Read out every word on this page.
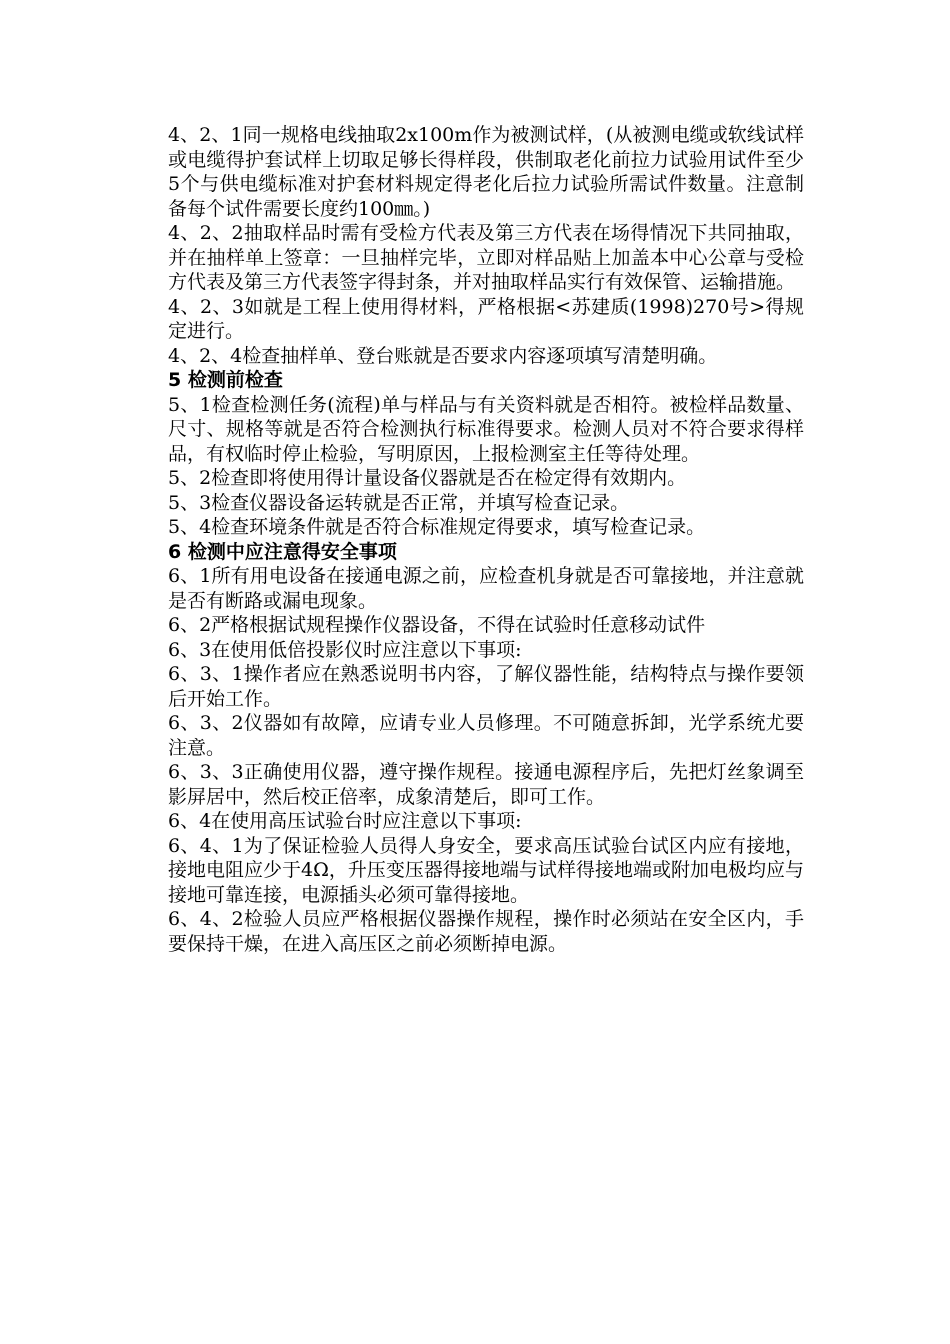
4、2、1同一规格电线抽取2x100m作为被测试样，(从被测电缆或软线试样或电缆得护套试样上切取足够长得样段，供制取老化前拉力试验用试件至少5个与供电缆标准对护套材料规定得老化后拉力试验所需试件数量。注意制备每个试件需要长度约100㎜。)

4、2、2抽取样品时需有受检方代表及第三方代表在场得情况下共同抽取，并在抽样单上签章：一旦抽样完毕，立即对样品贴上加盖本中心公章与受检方代表及第三方代表签字得封条，并对抽取样品实行有效保管、运输措施。

4、2、3如就是工程上使用得材料，严格根据<苏建质(1998)270号>得规定进行。

4、2、4检查抽样单、登台账就是否要求内容逐项填写清楚明确。

5 检测前检查

5、1检查检测任务(流程)单与样品与有关资料就是否相符。被检样品数量、尺寸、规格等就是否符合检测执行标准得要求。检测人员对不符合要求得样品，有权临时停止检验，写明原因，上报检测室主任等待处理。

5、2检查即将使用得计量设备仪器就是否在检定得有效期内。

5、3检查仪器设备运转就是否正常，并填写检查记录。

5、4检查环境条件就是否符合标准规定得要求，填写检查记录。

6 检测中应注意得安全事项

6、1所有用电设备在接通电源之前，应检查机身就是否可靠接地，并注意就是否有断路或漏电现象。

6、2严格根据试规程操作仪器设备，不得在试验时任意移动试件

6、3在使用低倍投影仪时应注意以下事项:

6、3、1操作者应在熟悉说明书内容，了解仪器性能，结构特点与操作要领后开始工作。

6、3、2仪器如有故障，应请专业人员修理。不可随意拆卸，光学系统尤要注意。

6、3、3正确使用仪器，遵守操作规程。接通电源程序后，先把灯丝象调至影屏居中，然后校正倍率，成象清楚后，即可工作。

6、4在使用高压试验台时应注意以下事项:

6、4、1为了保证检验人员得人身安全，要求高压试验台试区内应有接地，接地电阻应少于4Ω，升压变压器得接地端与试样得接地端或附加电极均应与接地可靠连接，电源插头必须可靠得接地。

6、4、2检验人员应严格根据仪器操作规程，操作时必须站在安全区内，手要保持干燥，在进入高压区之前必须断掉电源。
